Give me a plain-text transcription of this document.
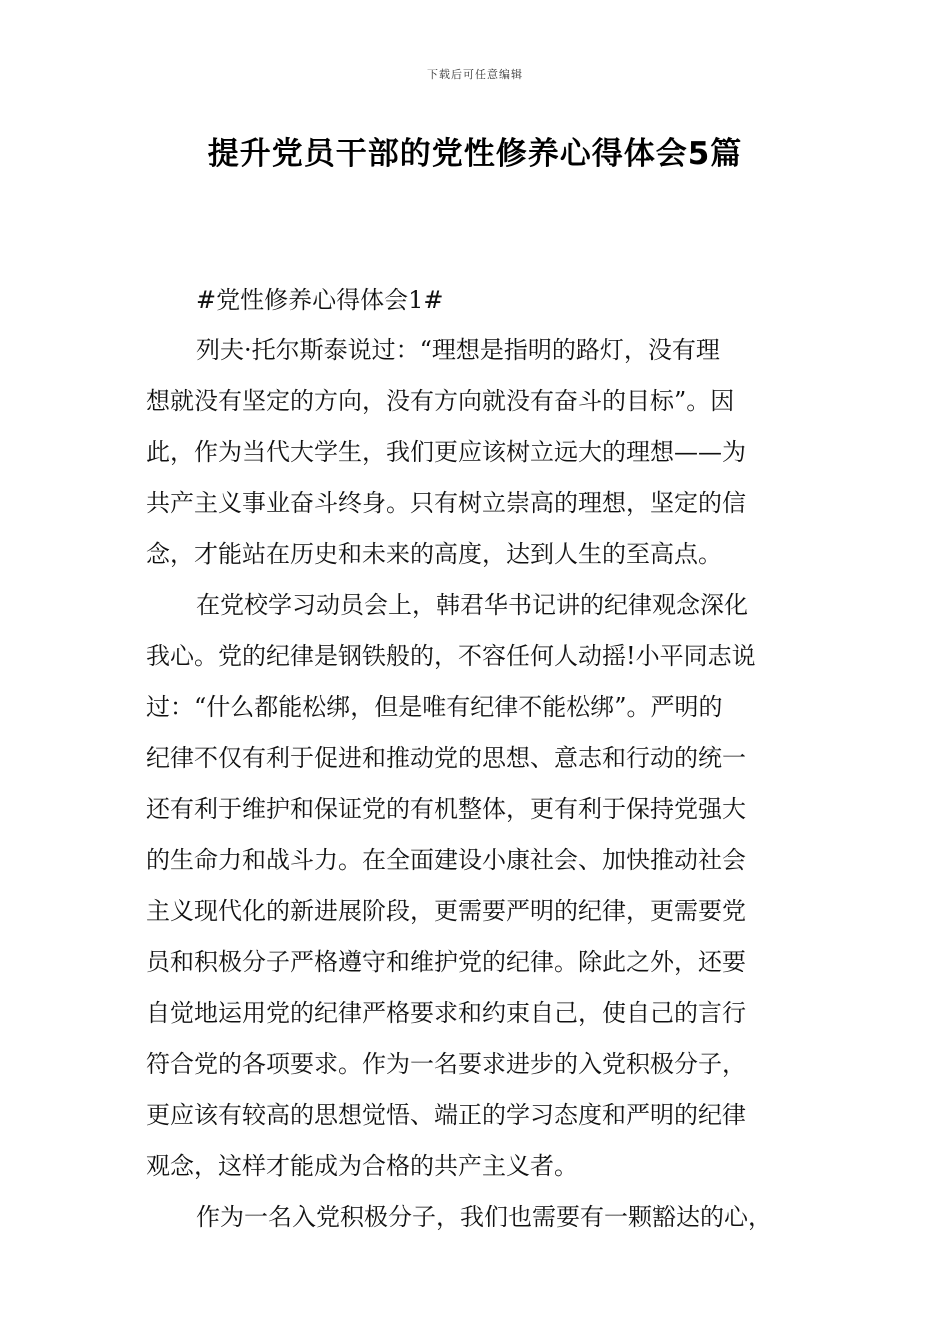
下载后可任意编辑
提升党员干部的党性修养心得体会5篇

#党性修养心得体会1#

列夫·托尔斯泰说过：“理想是指明的路灯，没有理
想就没有坚定的方向，没有方向就没有奋斗的目标”。因
此，作为当代大学生，我们更应该树立远大的理想——为
共产主义事业奋斗终身。只有树立崇高的理想，坚定的信
念，才能站在历史和未来的高度，达到人生的至高点。

在党校学习动员会上，韩君华书记讲的纪律观念深化
我心。党的纪律是钢铁般的，不容任何人动摇!小平同志说
过：“什么都能松绑，但是唯有纪律不能松绑”。严明的
纪律不仅有利于促进和推动党的思想、意志和行动的统一
还有利于维护和保证党的有机整体，更有利于保持党强大
的生命力和战斗力。在全面建设小康社会、加快推动社会
主义现代化的新进展阶段，更需要严明的纪律，更需要党
员和积极分子严格遵守和维护党的纪律。除此之外，还要
自觉地运用党的纪律严格要求和约束自己，使自己的言行
符合党的各项要求。作为一名要求进步的入党积极分子，
更应该有较高的思想觉悟、端正的学习态度和严明的纪律
观念，这样才能成为合格的共产主义者。

作为一名入党积极分子，我们也需要有一颗豁达的心，
